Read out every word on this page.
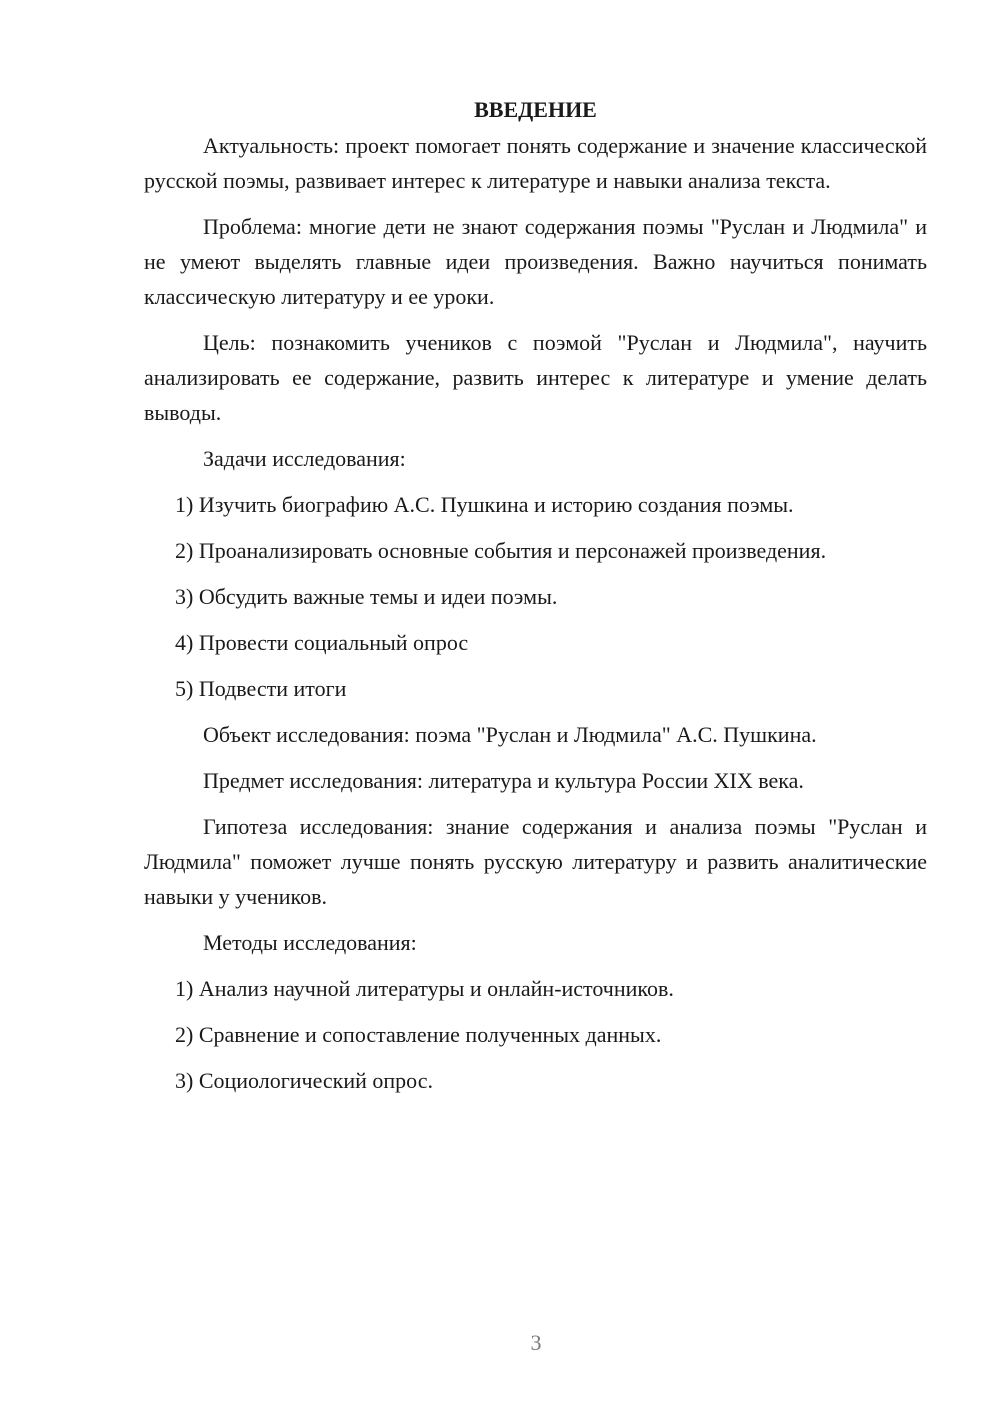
ВВЕДЕНИЕ

Актуальность: проект помогает понять содержание и значение классической русской поэмы, развивает интерес к литературе и навыки анализа текста.

Проблема: многие дети не знают содержания поэмы "Руслан и Людмила" и не умеют выделять главные идеи произведения. Важно научиться понимать классическую литературу и ее уроки.

Цель: познакомить учеников с поэмой "Руслан и Людмила", научить анализировать ее содержание, развить интерес к литературе и умение делать выводы.

Задачи исследования:

1) Изучить биографию А.С. Пушкина и историю создания поэмы.
2) Проанализировать основные события и персонажей произведения.
3) Обсудить важные темы и идеи поэмы.
4) Провести социальный опрос
5) Подвести итоги

Объект исследования: поэма "Руслан и Людмила" А.С. Пушкина.

Предмет исследования: литература и культура России XIX века.

Гипотеза исследования: знание содержания и анализа поэмы "Руслан и Людмила" поможет лучше понять русскую литературу и развить аналитические навыки у учеников.

Методы исследования:

1) Анализ научной литературы и онлайн-источников.
2) Сравнение и сопоставление полученных данных.
3) Социологический опрос.
3
